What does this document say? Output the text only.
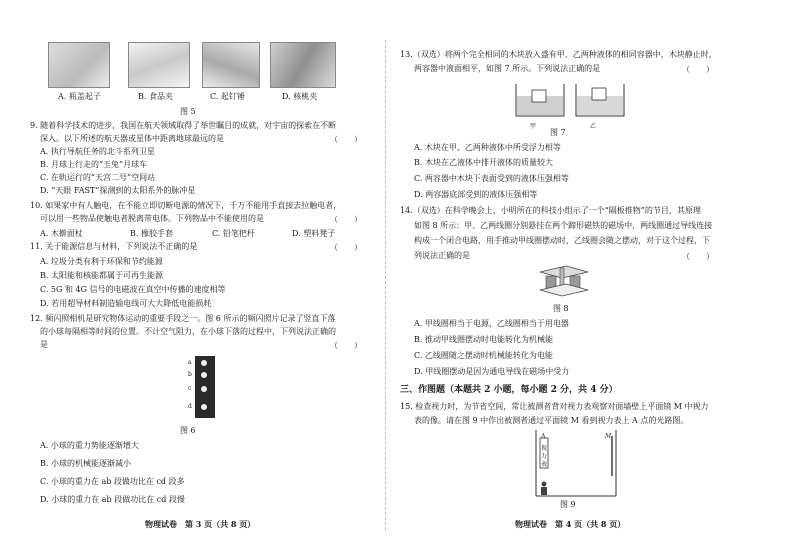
A. 瓶盖起子	B. 食品夹	C. 起钉锤	D. 核桃夹
图 5
9. 随着科学技术的进步，我国在航天领域取得了举世瞩目的成就，对宇宙的探索在不断
深入。以下所述的航天器或星体中距离地球最远的是	（　　）
A. 执行导航任务的北斗系列卫星
B. 月球上行走的“玉兔”月球车
C. 在轨运行的“天宫二号”空间站
D. “天眼 FAST”探测到的太阳系外的脉冲星
10. 如果家中有人触电，在不能立即切断电源的情况下，千万不能用手直接去拉触电者，
可以用一些物品使触电者脱离带电体。下列物品中不能使用的是	（　　）
A. 木擀面杖	B. 橡胶手套	C. 铅笔把杆	D. 塑料凳子
11. 关于能源信息与材料，下列说法不正确的是	（　　）
A. 垃圾分类有利于环保和节约能源
B. 太阳能和核能都属于可再生能源
C. 5G 和 4G 信号的电磁波在真空中传播的速度相等
D. 若用超导材料制造输电线可大大降低电能损耗
12. 频闪照相机是研究物体运动的重要手段之一。图 6 所示的频闪照片记录了竖直下落
的小球每隔相等时间的位置。不计空气阻力，在小球下落的过程中，下列说法正确的
是	（　　）
a
b
c
d
图 6
A. 小球的重力势能逐渐增大
B. 小球的机械能逐渐减小
C. 小球的重力在 ab 段做功比在 cd 段多
D. 小球的重力在 ab 段做功比在 cd 段慢
物理试卷　第 3 页（共 8 页）
13.（双选）将两个完全相同的木块放入盛有甲、乙两种液体的相同容器中，木块静止时，
两容器中液面相平，如图 7 所示。下列说法正确的是	（　　）
甲	乙
图 7
A. 木块在甲、乙两种液体中所受浮力相等
B. 木块在乙液体中排开液体的质量较大
C. 两容器中木块下表面受到的液体压强相等
D. 两容器底部受到的液体压强相等
14.（双选）在科学晚会上，小明所在的科技小组示了一个“隔板推物”的节目，其原理
如图 8 所示：甲、乙两线圈分别悬挂在两个蹄形磁铁的磁场中，两线圈通过导线连接
构成一个闭合电路，用手推动甲线圈摆动时，乙线圈会随之摆动，对于这个过程，下
列说法正确的是	（　　）
图 8
A. 甲线圈相当于电源，乙线圈相当于用电器
B. 推动甲线圈摆动时电能转化为机械能
C. 乙线圈随之摆动时机械能转化为电能
D. 甲线圈摆动是因为通电导线在磁场中受力
三、作图题（本题共 2 小题，每小题 2 分，共 4 分）
15. 检查视力时，为节省空间，常让被测者背对视力表观察对面墙壁上平面镜 M 中视力
表的像。请在图 9 中作出被测者通过平面镜 M 看到视力表上 A 点的光路图。
A
视
力
表
M
图 9
物理试卷　第 4 页（共 8 页）
